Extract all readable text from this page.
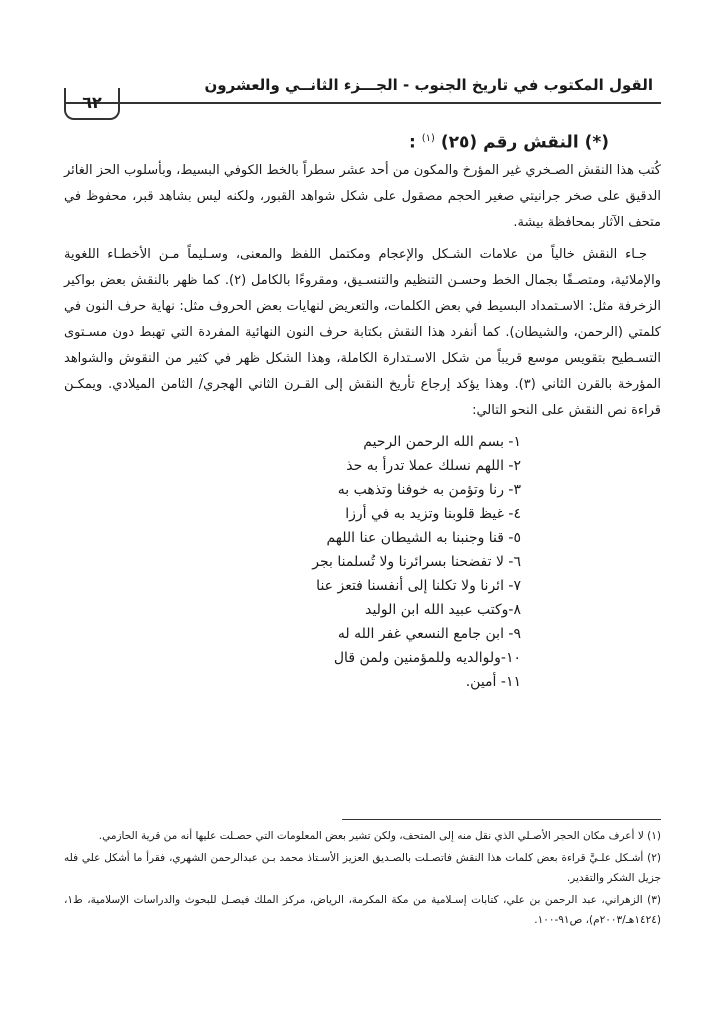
القول المكتوب في تاريخ الجنوب - الجـــزء الثانــي والعشرون
٦٢
(*) النقش رقم (٢٥) $^{(١)}$ :

كُتب هذا النقش الصـخري غير المؤرخ والمكون من أحد عشر سطراً بالخط الكوفي البسيط، وبأسلوب الحز الغائر الدقيق على صخر جرانيتي صغير الحجم مصقول على شكل شواهد القبور، ولكنه ليس بشاهد قبر، محفوظ في متحف الآثار بمحافظة بيشة.

جـاء النقش خالياً من علامات الشـكل والإعجام ومكتمل اللفظ والمعنى، وسـليماً مـن الأخطـاء اللغوية والإملائية، ومتصـفًا بجمال الخط وحسـن التنظيم والتنسـيق، ومقروءًا بالكامل (٢). كما ظهر بالنقش بعض بواكير الزخرفة مثل: الاسـتمداد البسيط في بعض الكلمات، والتعريض لنهايات بعض الحروف مثل: نهاية حرف النون في كلمتي (الرحمن، والشيطان). كما أنفرد هذا النقش بكتابة حرف النون النهائية المفردة التي تهبط دون مسـتوى التسـطيح بتقويس موسع قريباً من شكل الاسـتدارة الكاملة، وهذا الشكل ظهر في كثير من النقوش والشواهد المؤرخة بالقرن الثاني (٣). وهذا يؤكد إرجاع تأريخ النقش إلى القـرن الثاني الهجري/ الثامن الميلادي. ويمكـن قراءة نص النقش على النحو التالي:

١- بسم الله الرحمن الرحيم
٢- اللهم نسلك عملا تدرأ به حذ
٣- رنا وتؤمن به خوفنا وتذهب به
٤- غيظ قلوبنا وتزيد به في أرزا
٥- قنا وجنبنا به الشيطان عنا اللهم
٦- لا تفضحنا بسرائرنا ولا تُسلمنا بجر
٧- ائرنا ولا تكلنا إلى أنفسنا فتعز عنا
٨-وكتب عبيد الله ابن الوليد
٩- ابن جامع النسعي غفر الله له
١٠-ولوالديه وللمؤمنين ولمن قال
١١- أمين.

(١) لا أعرف مكان الحجر الأصـلي الذي نقل منه إلى المتحف، ولكن تشير بعض المعلومات التي حصـلت عليها أنه من قرية الحازمي.

(٢) أشـكل علـيَّ قراءة بعض كلمات هذا النقش فاتصـلت بالصـديق العزيز الأسـتاذ محمد بـن عبدالرحمن الشهري، فقرأ ما أشكل علي فله جزيل الشكر والتقدير.

(٣) الزهراني، عبد الرحمن بن علي، كتابات إسـلامية من مكة المكرمة، الرياض، مركز الملك فيصـل للبحوث والدراسات الإسلامية، ط١، (١٤٢٤هـ/٢٠٠٣م)، ص٩١-١٠٠.
